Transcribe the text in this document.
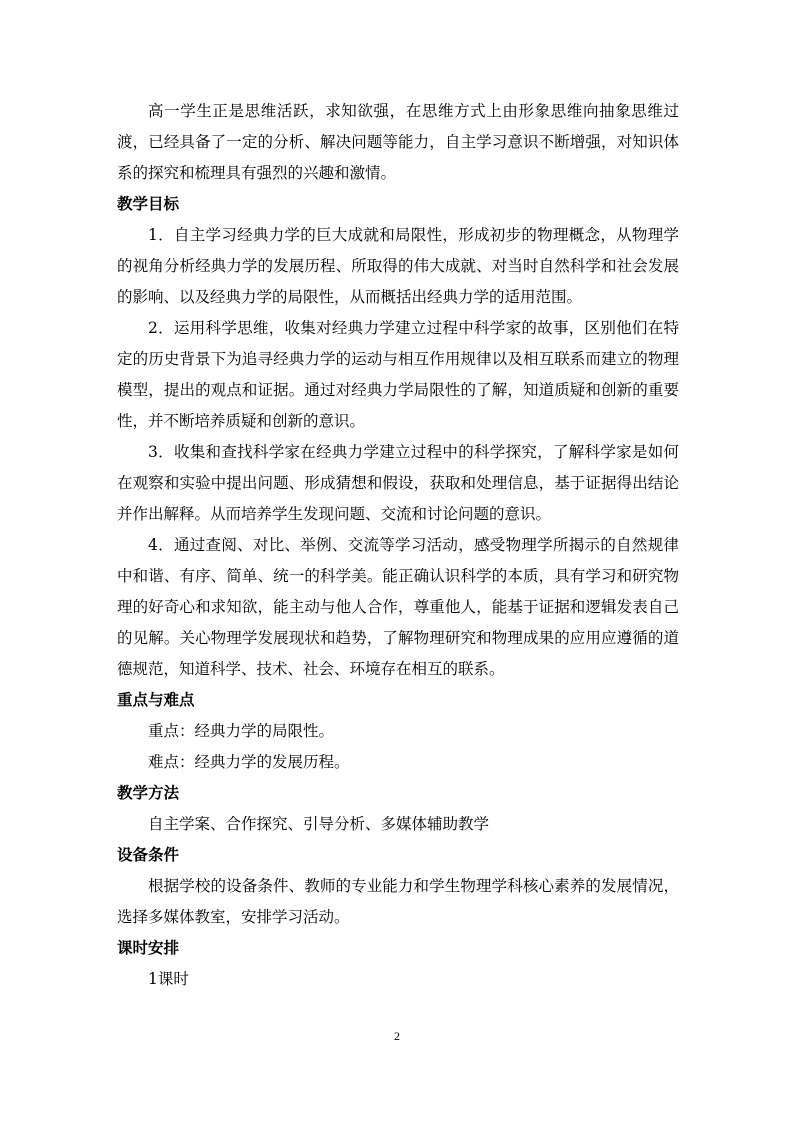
高一学生正是思维活跃，求知欲强，在思维方式上由形象思维向抽象思维过渡，已经具备了一定的分析、解决问题等能力，自主学习意识不断增强，对知识体系的探究和梳理具有强烈的兴趣和激情。

教学目标

1．自主学习经典力学的巨大成就和局限性，形成初步的物理概念，从物理学的视角分析经典力学的发展历程、所取得的伟大成就、对当时自然科学和社会发展的影响、以及经典力学的局限性，从而概括出经典力学的适用范围。

2．运用科学思维，收集对经典力学建立过程中科学家的故事，区别他们在特定的历史背景下为追寻经典力学的运动与相互作用规律以及相互联系而建立的物理模型，提出的观点和证据。通过对经典力学局限性的了解，知道质疑和创新的重要性，并不断培养质疑和创新的意识。

3．收集和查找科学家在经典力学建立过程中的科学探究，了解科学家是如何在观察和实验中提出问题、形成猜想和假设，获取和处理信息，基于证据得出结论并作出解释。从而培养学生发现问题、交流和讨论问题的意识。

4．通过查阅、对比、举例、交流等学习活动，感受物理学所揭示的自然规律中和谐、有序、简单、统一的科学美。能正确认识科学的本质，具有学习和研究物理的好奇心和求知欲，能主动与他人合作，尊重他人，能基于证据和逻辑发表自己的见解。关心物理学发展现状和趋势，了解物理研究和物理成果的应用应遵循的道德规范，知道科学、技术、社会、环境存在相互的联系。

重点与难点

重点：经典力学的局限性。

难点：经典力学的发展历程。

教学方法

自主学案、合作探究、引导分析、多媒体辅助教学

设备条件

根据学校的设备条件、教师的专业能力和学生物理学科核心素养的发展情况，选择多媒体教室，安排学习活动。

课时安排

1课时

2
